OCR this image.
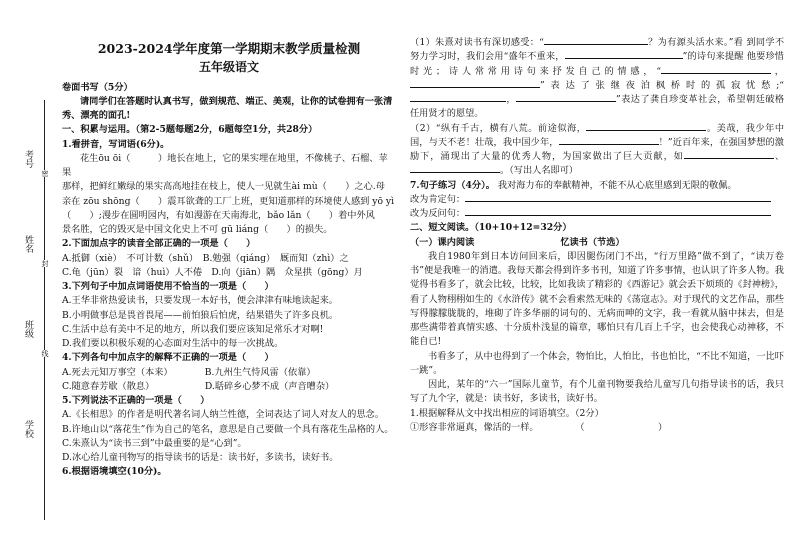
考号
姓名
班级
学校
密
封
线
2023-2024学年度第一学期期末教学质量检测
五年级语文

卷面书写（5分）

请同学们在答题时认真书写，做到规范、端正、美观，让你的试卷拥有一张清秀、漂亮的面孔!

一、积累与运用。（第2-5题每题2分，6题每空1分，共28分）

1.看拼音，写词语(6分)。

花生ōu ōi（　　　）地长在地上，它的果实埋在地里，不像桃子、石榴、苹果

那样，把鲜红嫩绿的果实高高地挂在枝上，使人一见就生ài mù（　　）之心.母

亲在 zōu shōng（　　）震耳欲聋的工厂上班，更知道那样的环境使人感到 yō yì

（　　）;漫步在圆明园内，有如漫游在天南海北，bǎo lǎn（　　）着中外风

景名胜，它的毁灭是中国文化史上不可 gū liáng（　　）的损失。

2.下面加点字的读音全部正确的一项是（　　）

A.抵御（xiè）　不可计数（shǔ）　B.勉强（qiáng）　厩而知（zhì）之

C.龟（jūn）裂　谙（huì）人不倦　D.向（jiān）隅　众星拱（gōng）月

3.下列句子中加点词语使用不恰当的一项是（　　）

A.王华非常热爱读书，只要发现一本好书，便会津津有味地读起来。

B.小明做事总是畏首畏尾——前怕狼后怕虎，结果错失了许多良机。

C.生活中总有美中不足的地方，所以我们要应该知足常乐才对啊!

D.我们要以积极乐观的心态面对生活中的每一次挑战。

4.下列各句中加点字的解释不正确的一项是（　　）

A.死去元知万事空（本来）　　　　B.九州生气恃风雷（依靠）

C.随意春芳歇（散息）　　　　　　D.聒碎乡心梦不成（声音嘈杂）

5.下列说法不正确的一项是（　　）

A.《长相思》的作者是明代著名词人纳兰性德，全词表达了词人对友人的思念。

B.许地山以“落花生”作为自己的笔名，意思是自己要做一个具有落花生品格的人。

C.朱熹认为“读书三到”中最重要的是“心到”。

D.冰心给儿童刊物写的指导读书的话是：读书好，多读书，读好书。

6.根据语境填空(10分)。

（1）朱熹对读书有深切感受：“	？为有源头活水来。”看 到同学不努力学习时，我们会用“盛年不重来，	”的诗句来提醒 他要珍惜时光；诗人常常用诗句来抒发自己的情感，“	，”表达了张继夜泊枫桥时的孤寂忧愁;“，	”表达了龚自珍变革社会，希望朝廷破格任用贤才的愿望。

（2）“纵有千古，横有八荒。前途似海，	。美哉，我少年中国，与天不老！壮哉，我中国少年，	！”近百年来，在强国梦想的激励下，涌现出了大量的优秀人物，为国家做出了巨大贡献，如	、。（写出人名即可）

7.句子练习（4分）。 我对海力布的奉献精神，不能不从心底里感到无限的敬佩。

改为肯定句：

改为反问句：

二、短文阅读。（10+10+12=32分）

（一）课内阅读	忆读书（节选）

我自1980年到日本访问回来后，即因腿伤闭门不出，“行万里路”做不到了，“读万卷书”便是我唯一的消遣。我每天都会得到许多书刊，知道了许多事情，也认识了许多人物。我觉得书看多了，就会比较，比较，比如我读了精彩的《西游记》就会丢下烦琐的《封神榜》，看了人物栩栩如生的《水浒传》就不会看索然无味的《荡寇志》。对于现代的文艺作品，那些写得朦朦胧胧的，堆砌了许多华丽的词句的、无病而呻的文字，我一看就从脑中抹去，但是那些满带着真情实感、十分质朴浅显的篇章，哪怕只有几百上千字，也会使我心动神移，不能自已!

书看多了，从中也得到了一个体会，物怕比，人怕比，书也怕比，“不比不知道，一比吓一跳”。

因此，某年的“六一”国际儿童节，有个儿童刊物要我给儿童写几句指导读书的话，我只写了九个字，就是：读书好，多读书，读好书。

1.根据解释从文中找出相应的词语填空。（2分）

①形容非常逼真，像活的一样。　　　　　（　　　　　　　　）
